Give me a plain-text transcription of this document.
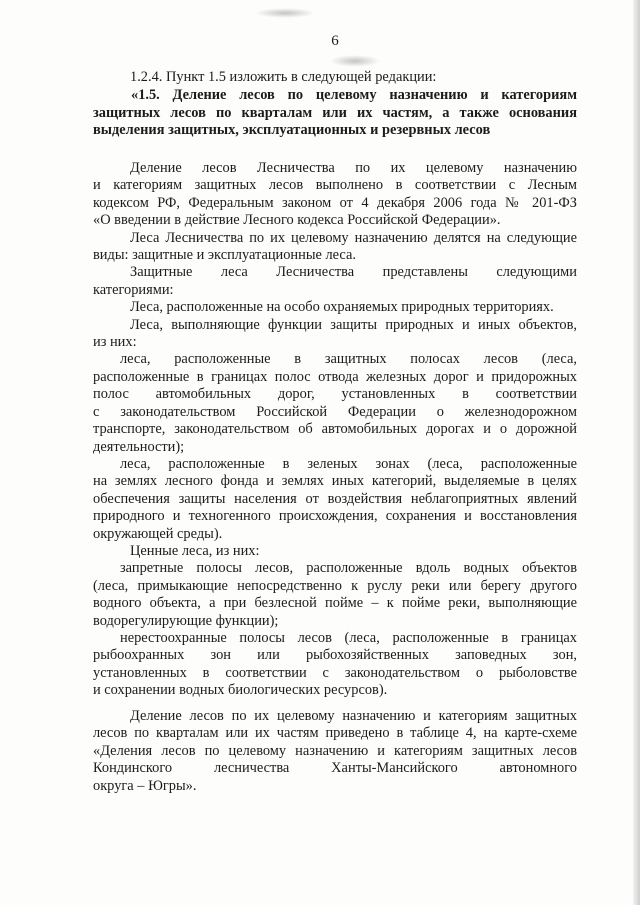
6
1.2.4. Пункт 1.5 изложить в следующей редакции:
«1.5. Деление лесов по целевому назначению и категориям
защитных лесов по кварталам или их частям, а также основания
выделения защитных, эксплуатационных и резервных лесов
Деление лесов Лесничества по их целевому назначению
и категориям защитных лесов выполнено в соответствии с Лесным
кодексом РФ, Федеральным законом от 4 декабря 2006 года № 201-ФЗ
«О введении в действие Лесного кодекса Российской Федерации».
Леса Лесничества по их целевому назначению делятся на следующие
виды: защитные и эксплуатационные леса.
Защитные леса Лесничества представлены следующими
категориями:
Леса, расположенные на особо охраняемых природных территориях.
Леса, выполняющие функции защиты природных и иных объектов,
из них:
леса, расположенные в защитных полосах лесов (леса,
расположенные в границах полос отвода железных дорог и придорожных
полос автомобильных дорог, установленных в соответствии
с законодательством Российской Федерации о железнодорожном
транспорте, законодательством об автомобильных дорогах и о дорожной
деятельности);
леса, расположенные в зеленых зонах (леса, расположенные
на землях лесного фонда и землях иных категорий, выделяемые в целях
обеспечения защиты населения от воздействия неблагоприятных явлений
природного и техногенного происхождения, сохранения и восстановления
окружающей среды).
Ценные леса, из них:
запретные полосы лесов, расположенные вдоль водных объектов
(леса, примыкающие непосредственно к руслу реки или берегу другого
водного объекта, а при безлесной пойме – к пойме реки, выполняющие
водорегулирующие функции);
нерестоохранные полосы лесов (леса, расположенные в границах
рыбоохранных зон или рыбохозяйственных заповедных зон,
установленных в соответствии с законодательством о рыболовстве
и сохранении водных биологических ресурсов).
Деление лесов по их целевому назначению и категориям защитных
лесов по кварталам или их частям приведено в таблице 4, на карте-схеме
«Деления лесов по целевому назначению и категориям защитных лесов
Кондинского лесничества Ханты-Мансийского автономного
округа – Югры».
